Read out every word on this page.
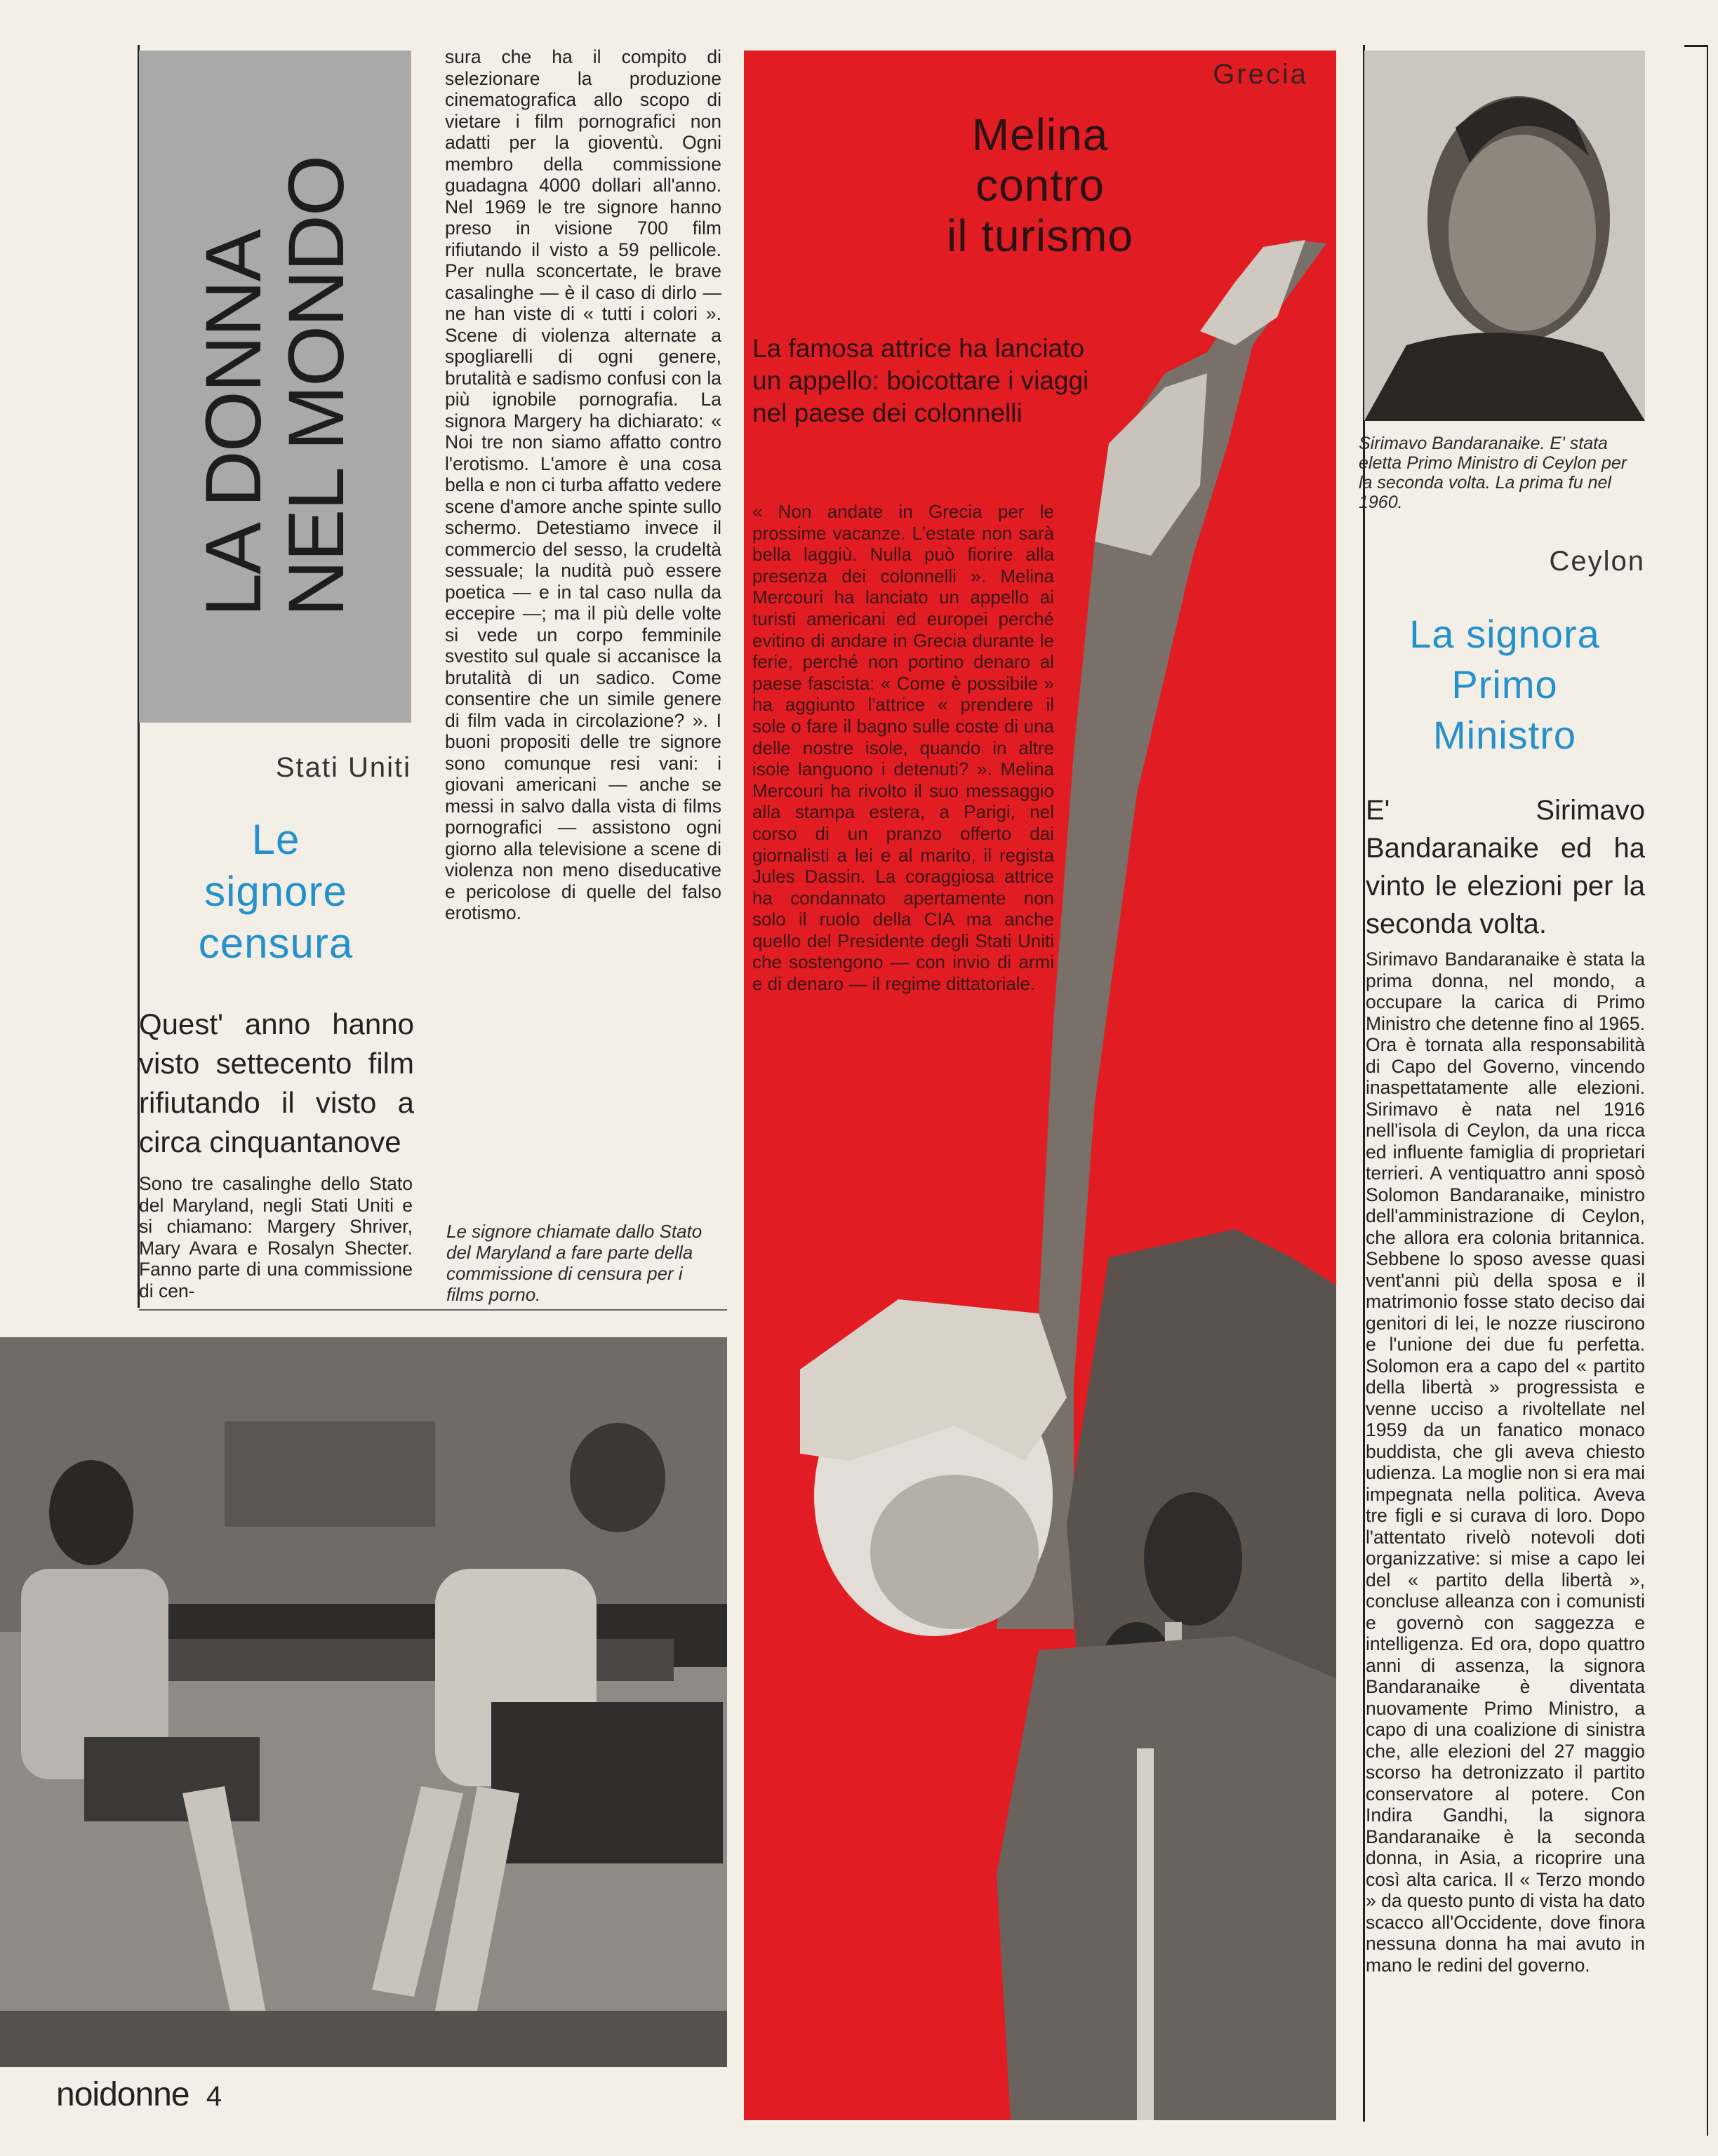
LA DONNA
NEL MONDO
Stati Uniti
Le
signore
censura
Quest' anno hanno visto settecento film rifiutando il visto a circa cinquantanove

Sono tre casalinghe dello Stato del Maryland, negli Stati Uniti e si chiamano: Margery Shriver, Mary Avara e Rosalyn Shecter. Fanno parte di una commissione di cen-

sura che ha il compito di selezionare la produzione cinematografica allo scopo di vietare i film pornografici non adatti per la gioventù. Ogni membro della commissione guadagna 4000 dollari all'anno. Nel 1969 le tre signore hanno preso in visione 700 film rifiutando il visto a 59 pellicole. Per nulla sconcertate, le brave casalinghe — è il caso di dirlo — ne han viste di « tutti i colori ». Scene di violenza alternate a spogliarelli di ogni genere, brutalità e sadismo confusi con la più ignobile pornografia. La signora Margery ha dichiarato: « Noi tre non siamo affatto contro l'erotismo. L'amore è una cosa bella e non ci turba affatto vedere scene d'amore anche spinte sullo schermo. Detestiamo invece il commercio del sesso, la crudeltà sessuale; la nudità può essere poetica — e in tal caso nulla da eccepire —; ma il più delle volte si vede un corpo femminile svestito sul quale si accanisce la brutalità di un sadico. Come consentire che un simile genere di film vada in circolazione? ». I buoni propositi delle tre signore sono comunque resi vani: i giovani americani — anche se messi in salvo dalla vista di films pornografici — assistono ogni giorno alla televisione a scene di violenza non meno diseducative e pericolose di quelle del falso erotismo.

Le signore chiamate dallo Stato del Maryland a fare parte della commissione di censura per i films porno.
Grecia
Melina
contro
il turismo
La famosa attrice ha lanciato un appello: boicottare i viaggi nel paese dei colonnelli
« Non andate in Grecia per le prossime vacanze. L'estate non sarà bella laggiù. Nulla può fiorire alla presenza dei colonnelli ». Melina Mercouri ha lanciato un appello ai turisti americani ed europei perché evitino di andare in Grecia durante le ferie, perché non portino denaro al paese fascista: « Come è possibile » ha aggiunto l'attrice « prendere il sole o fare il bagno sulle coste di una delle nostre isole, quando in altre isole languono i detenuti? ». Melina Mercouri ha rivolto il suo messaggio alla stampa estera, a Parigi, nel corso di un pranzo offerto dai giornalisti a lei e al marito, il regista Jules Dassin. La coraggiosa attrice ha condannato apertamente non solo il ruolo della CIA ma anche quello del Presidente degli Stati Uniti che sostengono — con invio di armi e di denaro — il regime dittatoriale.
Sirimavo Bandaranaike. E' stata eletta Primo Ministro di Ceylon per la seconda volta. La prima fu nel 1960.
Ceylon
La signora
Primo
Ministro
E' Sirimavo Bandaranaike ed ha vinto le elezioni per la seconda volta.

Sirimavo Bandaranaike è stata la prima donna, nel mondo, a occupare la carica di Primo Ministro che detenne fino al 1965. Ora è tornata alla responsabilità di Capo del Governo, vincendo inaspettatamente alle elezioni. Sirimavo è nata nel 1916 nell'isola di Ceylon, da una ricca ed influente famiglia di proprietari terrieri. A ventiquattro anni sposò Solomon Bandaranaike, ministro dell'amministrazione di Ceylon, che allora era colonia britannica. Sebbene lo sposo avesse quasi vent'anni più della sposa e il matrimonio fosse stato deciso dai genitori di lei, le nozze riuscirono e l'unione dei due fu perfetta. Solomon era a capo del « partito della libertà » progressista e venne ucciso a rivoltellate nel 1959 da un fanatico monaco buddista, che gli aveva chiesto udienza. La moglie non si era mai impegnata nella politica. Aveva tre figli e si curava di loro. Dopo l'attentato rivelò notevoli doti organizzative: si mise a capo lei del « partito della libertà », concluse alleanza con i comunisti e governò con saggezza e intelligenza. Ed ora, dopo quattro anni di assenza, la signora Bandaranaike è diventata nuovamente Primo Ministro, a capo di una coalizione di sinistra che, alle elezioni del 27 maggio scorso ha detronizzato il partito conservatore al potere. Con Indira Gandhi, la signora Bandaranaike è la seconda donna, in Asia, a ricoprire una così alta carica. Il « Terzo mondo » da questo punto di vista ha dato scacco all'Occidente, dove finora nessuna donna ha mai avuto in mano le redini del governo.

noidonne 4
